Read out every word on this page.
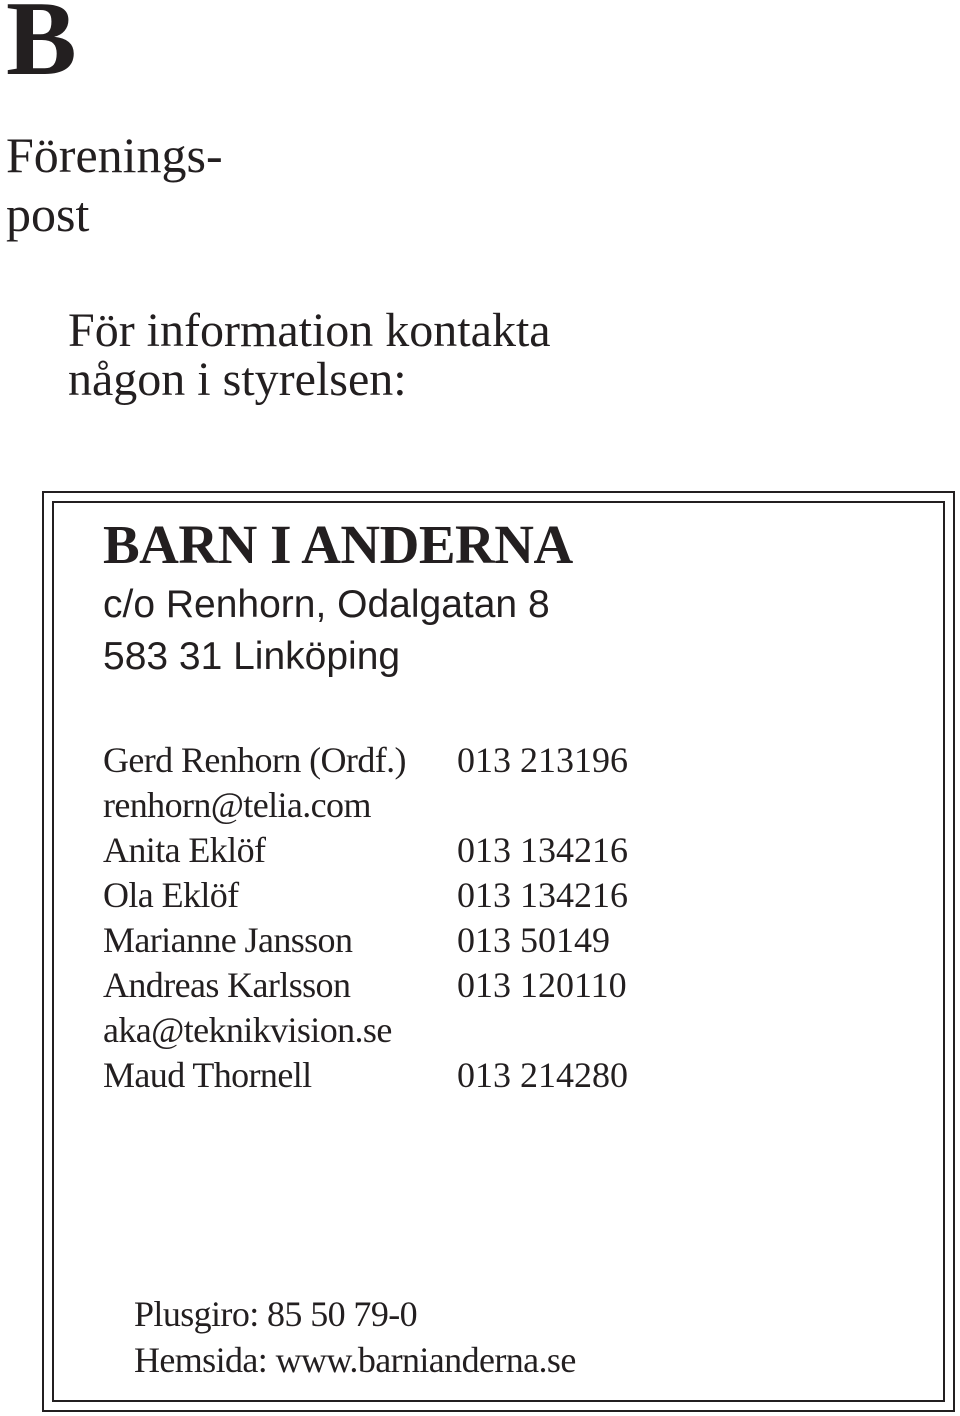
B
Förenings-
post
För information kontakta
någon i styrelsen:
BARN I ANDERNA
c/o Renhorn, Odalgatan 8
583 31 Linköping
Gerd Renhorn (Ordf.) 013 213196
renhorn@telia.com
Anita Eklöf	013 134216
Ola Eklöf	013 134216
Marianne Jansson	013 50149
Andreas Karlsson	013 120110
aka@teknikvision.se
Maud Thornell	013 214280
Plusgiro: 85 50 79-0
Hemsida: www.barnianderna.se
